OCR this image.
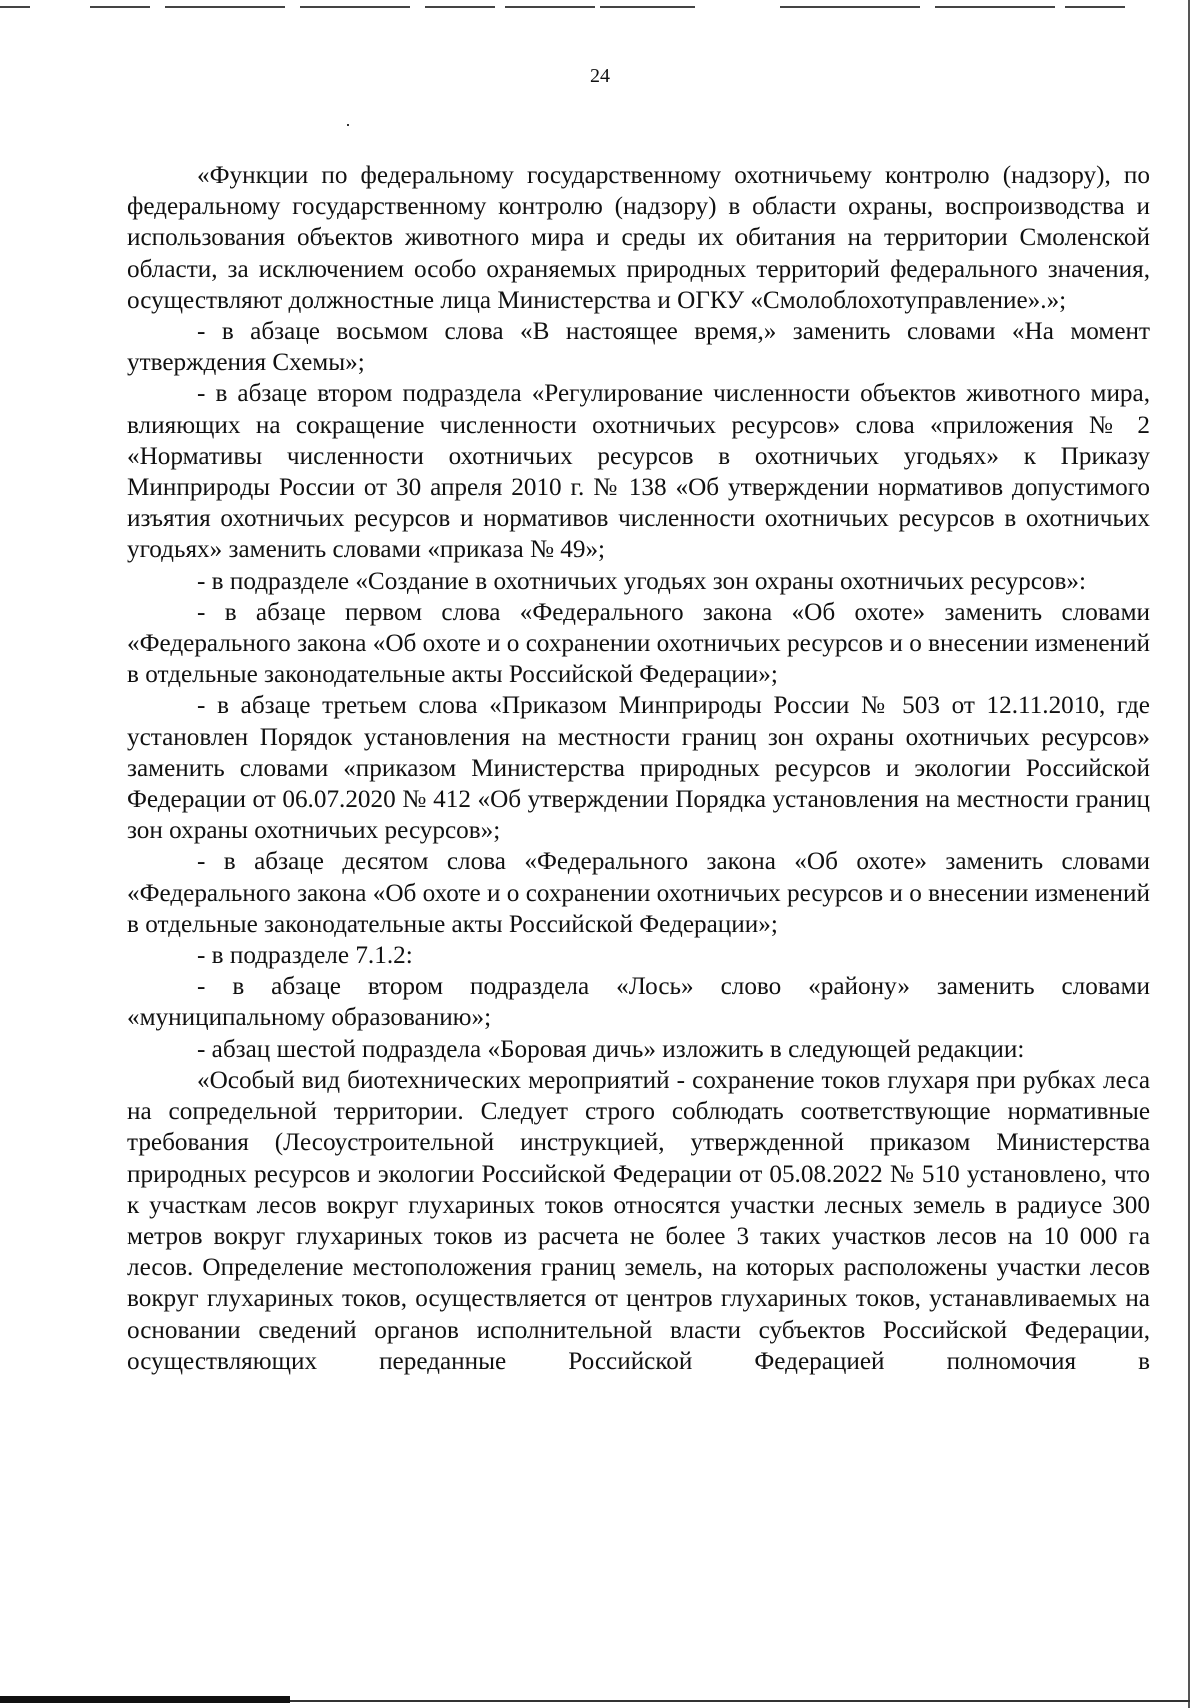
24

«Функции по федеральному государственному охотничьему контролю (надзору), по федеральному государственному контролю (надзору) в области охраны, воспроизводства и использования объектов животного мира и среды их обитания на территории Смоленской области, за исключением особо охраняемых природных территорий федерального значения, осуществляют должностные лица Министерства и ОГКУ «Смолоблохотуправление».»;

- в абзаце восьмом слова «В настоящее время,» заменить словами «На момент утверждения Схемы»;

- в абзаце втором подраздела «Регулирование численности объектов животного мира, влияющих на сокращение численности охотничьих ресурсов» слова «приложения № 2 «Нормативы численности охотничьих ресурсов в охотничьих угодьях» к Приказу Минприроды России от 30 апреля 2010 г. № 138 «Об утверждении нормативов допустимого изъятия охотничьих ресурсов и нормативов численности охотничьих ресурсов в охотничьих угодьях» заменить словами «приказа № 49»;

- в подразделе «Создание в охотничьих угодьях зон охраны охотничьих ресурсов»:

- в абзаце первом слова «Федерального закона «Об охоте» заменить словами «Федерального закона «Об охоте и о сохранении охотничьих ресурсов и о внесении изменений в отдельные законодательные акты Российской Федерации»;

- в абзаце третьем слова «Приказом Минприроды России № 503 от 12.11.2010, где установлен Порядок установления на местности границ зон охраны охотничьих ресурсов» заменить словами «приказом Министерства природных ресурсов и экологии Российской Федерации от 06.07.2020 № 412 «Об утверждении Порядка установления на местности границ зон охраны охотничьих ресурсов»;

- в абзаце десятом слова «Федерального закона «Об охоте» заменить словами «Федерального закона «Об охоте и о сохранении охотничьих ресурсов и о внесении изменений в отдельные законодательные акты Российской Федерации»;

- в подразделе 7.1.2:

- в абзаце втором подраздела «Лось» слово «району» заменить словами «муниципальному образованию»;

- абзац шестой подраздела «Боровая дичь» изложить в следующей редакции:

«Особый вид биотехнических мероприятий - сохранение токов глухаря при рубках леса на сопредельной территории. Следует строго соблюдать соответствующие нормативные требования (Лесоустроительной инструкцией, утвержденной приказом Министерства природных ресурсов и экологии Российской Федерации от 05.08.2022 № 510 установлено, что к участкам лесов вокруг глухариных токов относятся участки лесных земель в радиусе 300 метров вокруг глухариных токов из расчета не более 3 таких участков лесов на 10 000 га лесов. Определение местоположения границ земель, на которых расположены участки лесов вокруг глухариных токов, осуществляется от центров глухариных токов, устанавливаемых на основании сведений органов исполнительной власти субъектов Российской Федерации, осуществляющих переданные Российской Федерацией полномочия в
